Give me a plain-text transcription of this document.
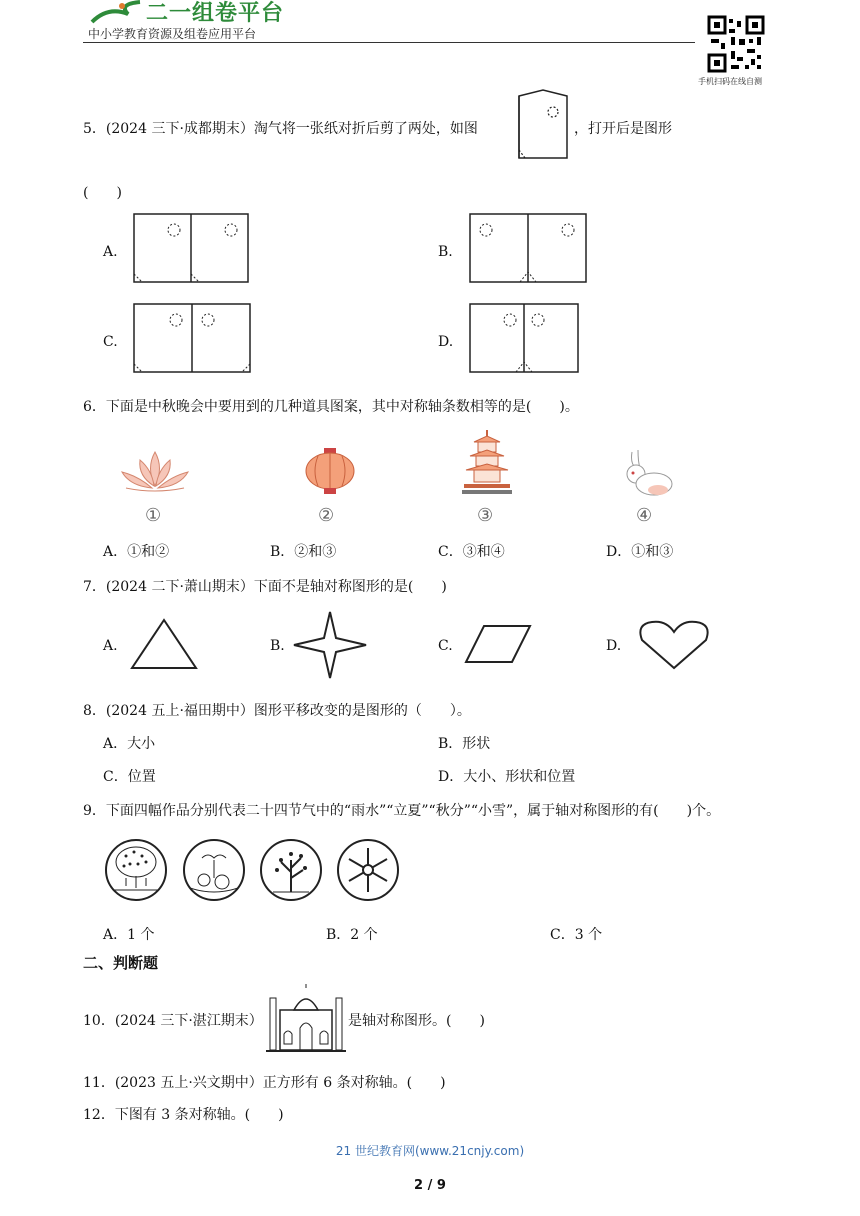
二一组卷平台
中小学教育资源及组卷应用平台
手机扫码在线自测
5．(2024 三下·成都期末）淘气将一张纸对折后剪了两处，如图	，打开后是图形
(　　)
A.	B.
C.	D.
6．下面是中秋晚会中要用到的几种道具图案，其中对称轴条数相等的是(　　)。
①	②	③	④
A．①和②	B．②和③	C．③和④	D．①和③
7．(2024 二下·萧山期末）下面不是轴对称图形的是(　　)
A.	B.	C.	D.
8．(2024 五上·福田期中）图形平移改变的是图形的（　　）。
A．大小	B．形状
C．位置	D．大小、形状和位置
9．下面四幅作品分别代表二十四节气中的“雨水”“立夏”“秋分”“小雪”，属于轴对称图形的有(　　)个。
A．1 个	B．2 个	C．3 个
二、判断题
10．(2024 三下·湛江期末）	是轴对称图形。(　　)
11．(2023 五上·兴文期中）正方形有 6 条对称轴。(　　)
12．下图有 3 条对称轴。(　　)
21 世纪教育网(www.21cnjy.com)
2 / 9
